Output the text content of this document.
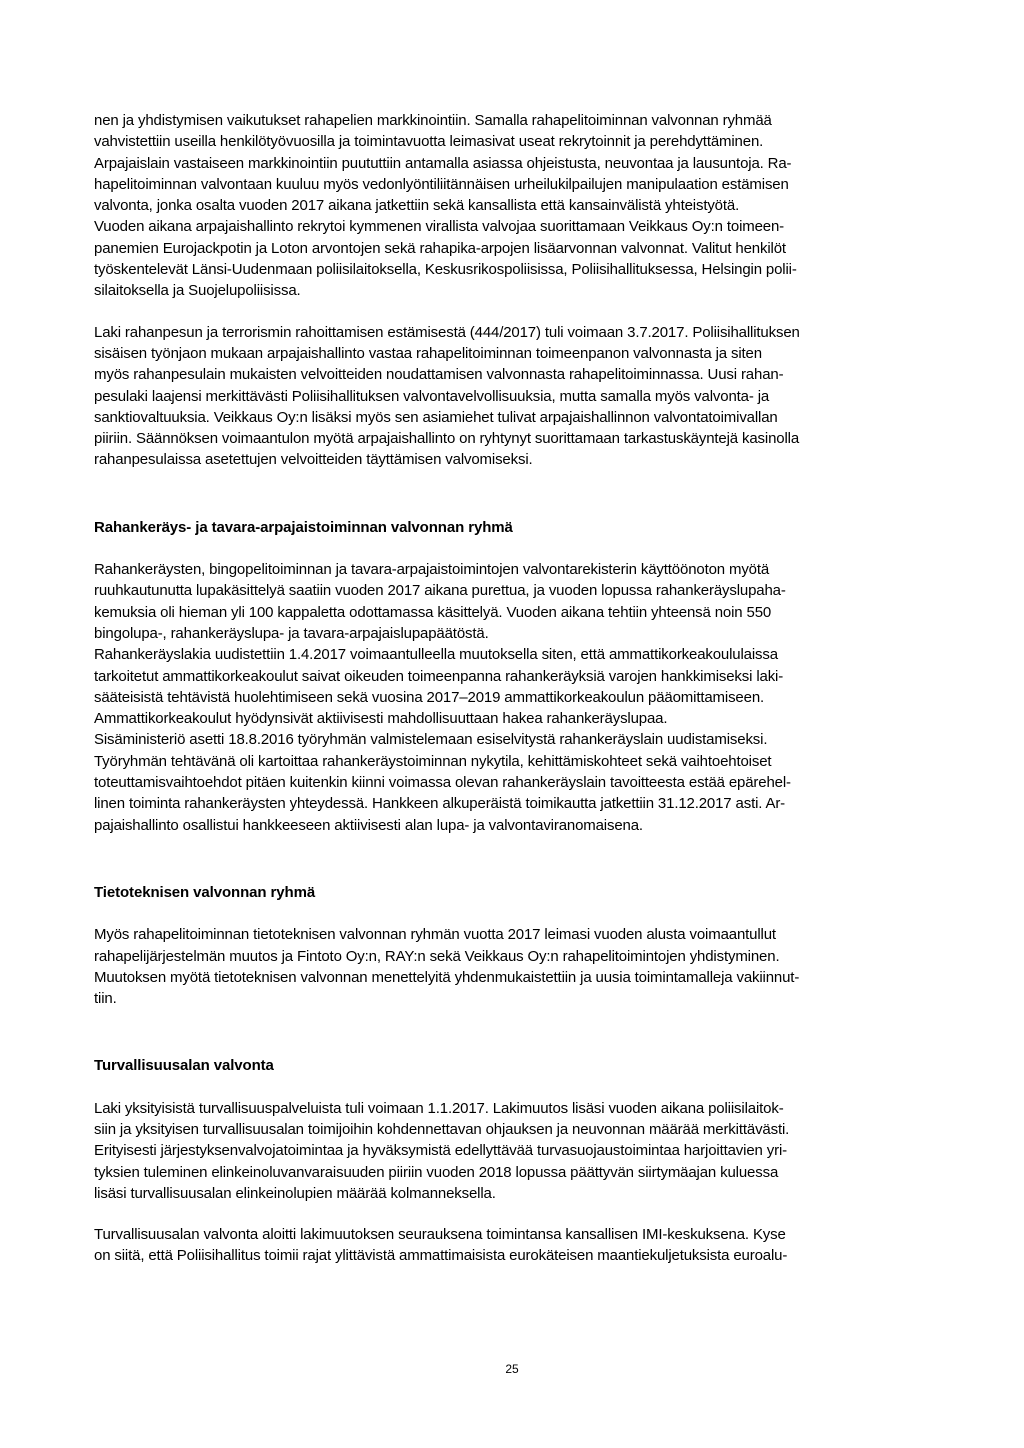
nen ja yhdistymisen vaikutukset rahapelien markkinointiin. Samalla rahapelitoiminnan valvonnan ryhmää
vahvistettiin useilla henkilötyövuosilla ja toimintavuotta leimasivat useat rekrytoinnit ja perehdyttäminen.
Arpajaislain vastaiseen markkinointiin puututtiin antamalla asiassa ohjeistusta, neuvontaa ja lausuntoja. Ra-
hapelitoiminnan valvontaan kuuluu myös vedonlyöntiliitännäisen urheilukilpailujen manipulaation estämisen
valvonta, jonka osalta vuoden 2017 aikana jatkettiin sekä kansallista että kansainvälistä yhteistyötä.
Vuoden aikana arpajaishallinto rekrytoi kymmenen virallista valvojaa suorittamaan Veikkaus Oy:n toimeen-
panemien Eurojackpotin ja Loton arvontojen sekä rahapika-arpojen lisäarvonnan valvonnat. Valitut henkilöt
työskentelevät Länsi-Uudenmaan poliisilaitoksella, Keskusrikospoliisissa, Poliisihallituksessa, Helsingin polii-
silaitoksella ja Suojelupoliisissa.
Laki rahanpesun ja terrorismin rahoittamisen estämisestä (444/2017) tuli voimaan 3.7.2017. Poliisihallituksen
sisäisen työnjaon mukaan arpajaishallinto vastaa rahapelitoiminnan toimeenpanon valvonnasta ja siten
myös rahanpesulain mukaisten velvoitteiden noudattamisen valvonnasta rahapelitoiminnassa. Uusi rahan-
pesulaki laajensi merkittävästi Poliisihallituksen valvontavelvollisuuksia, mutta samalla myös valvonta- ja
sanktiovaltuuksia. Veikkaus Oy:n lisäksi myös sen asiamiehet tulivat arpajaishallinnon valvontatoimivallan
piiriin. Säännöksen voimaantulon myötä arpajaishallinto on ryhtynyt suorittamaan tarkastuskäyntejä kasinolla
rahanpesulaissa asetettujen velvoitteiden täyttämisen valvomiseksi.
Rahankeräys- ja tavara-arpajaistoiminnan valvonnan ryhmä
Rahankeräysten, bingopelitoiminnan ja tavara-arpajaistoimintojen valvontarekisterin käyttöönoton myötä
ruuhkautunutta lupakäsittelyä saatiin vuoden 2017 aikana purettua, ja vuoden lopussa rahankeräyslupaha-
kemuksia oli hieman yli 100 kappaletta odottamassa käsittelyä. Vuoden aikana tehtiin yhteensä noin 550
bingolupa-, rahankeräyslupa- ja tavara-arpajaislupapäätöstä.
Rahankeräyslakia uudistettiin 1.4.2017 voimaantulleella muutoksella siten, että ammattikorkeakoululaissa
tarkoitetut ammattikorkeakoulut saivat oikeuden toimeenpanna rahankeräyksiä varojen hankkimiseksi laki-
sääteisistä tehtävistä huolehtimiseen sekä vuosina 2017–2019 ammattikorkeakoulun pääomittamiseen.
Ammattikorkeakoulut hyödynsivät aktiivisesti mahdollisuuttaan hakea rahankeräyslupaa.
Sisäministeriö asetti 18.8.2016 työryhmän valmistelemaan esiselvitystä rahankeräyslain uudistamiseksi.
Työryhmän tehtävänä oli kartoittaa rahankeräystoiminnan nykytila, kehittämiskohteet sekä vaihtoehtoiset
toteuttamisvaihtoehdot pitäen kuitenkin kiinni voimassa olevan rahankeräyslain tavoitteesta estää epärehel-
linen toiminta rahankeräysten yhteydessä. Hankkeen alkuperäistä toimikautta jatkettiin 31.12.2017 asti. Ar-
pajaishallinto osallistui hankkeeseen aktiivisesti alan lupa- ja valvontaviranomaisena.
Tietoteknisen valvonnan ryhmä
Myös rahapelitoiminnan tietoteknisen valvonnan ryhmän vuotta 2017 leimasi vuoden alusta voimaantullut
rahapelijärjestelmän muutos ja Fintoto Oy:n, RAY:n sekä Veikkaus Oy:n rahapelitoimintojen yhdistyminen.
Muutoksen myötä tietoteknisen valvonnan menettelyitä yhdenmukaistettiin ja uusia toimintamalleja vakiinnut-
tiin.
Turvallisuusalan valvonta
Laki yksityisistä turvallisuuspalveluista tuli voimaan 1.1.2017. Lakimuutos lisäsi vuoden aikana poliisilaitok-
siin ja yksityisen turvallisuusalan toimijoihin kohdennettavan ohjauksen ja neuvonnan määrää merkittävästi.
Erityisesti järjestyksenvalvojatoimintaa ja hyväksymistä edellyttävää turvasuojaustoimintaa harjoittavien yri-
tyksien tuleminen elinkeinoluvanvaraisuuden piiriin vuoden 2018 lopussa päättyvän siirtymäajan kuluessa
lisäsi turvallisuusalan elinkeinolupien määrää kolmanneksella.
Turvallisuusalan valvonta aloitti lakimuutoksen seurauksena toimintansa kansallisen IMI-keskuksena. Kyse
on siitä, että Poliisihallitus toimii rajat ylittävistä ammattimaisista eurokäteisen maantiekuljetuksista euroalu-
25
